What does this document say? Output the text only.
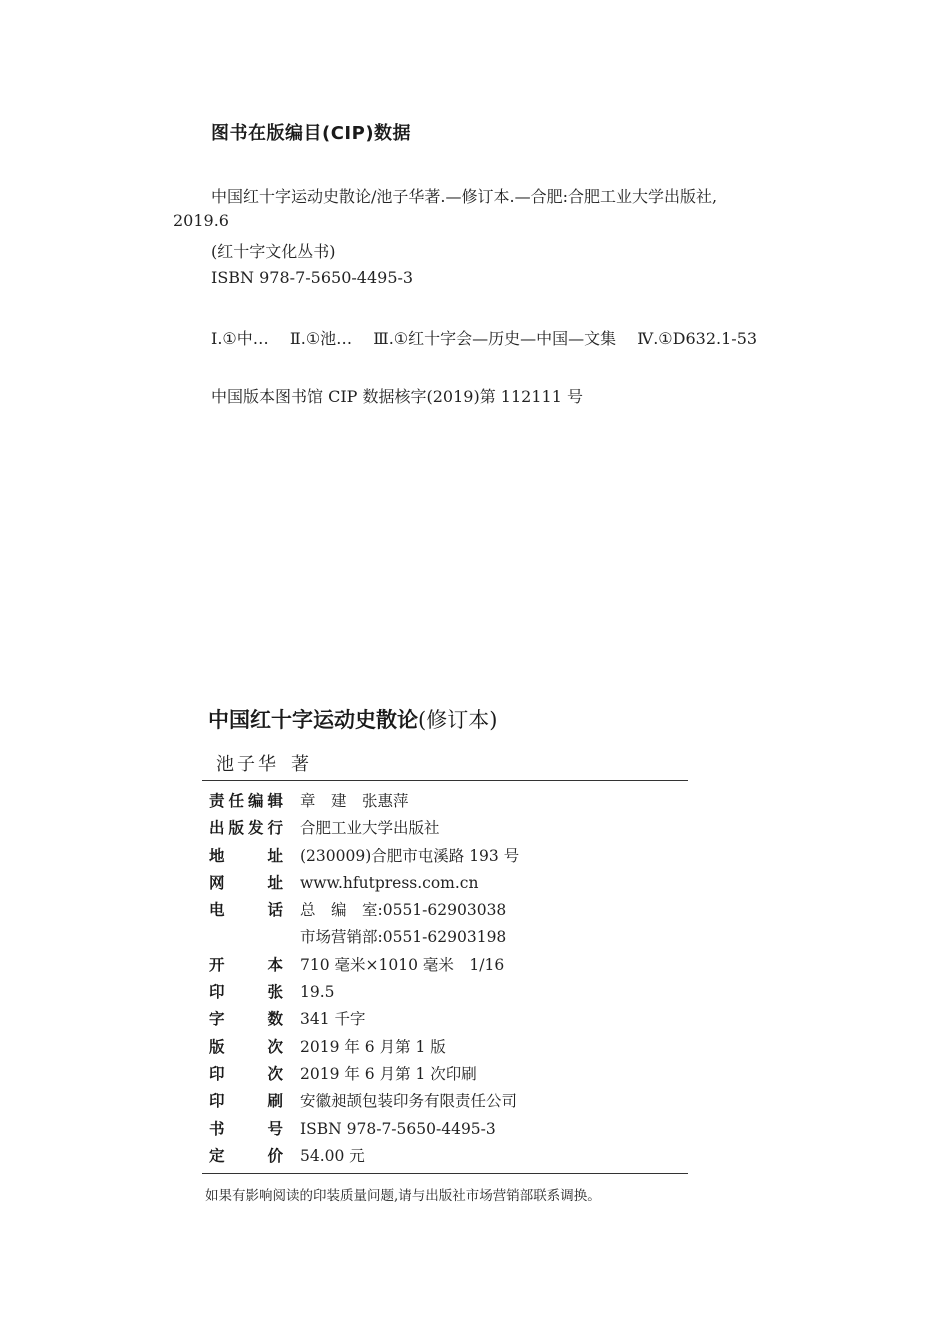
图书在版编目(CIP)数据
中国红十字运动史散论/池子华著.—修订本.—合肥:合肥工业大学出版社,
2019.6
(红十字文化丛书)
ISBN 978-7-5650-4495-3
Ⅰ.①中… Ⅱ.①池… Ⅲ.①红十字会—历史—中国—文集 Ⅳ.①D632.1-53
中国版本图书馆 CIP 数据核字(2019)第 112111 号
中国红十字运动史散论(修订本)
池子华 著
责任编辑 章　建　张惠萍
出版发行 合肥工业大学出版社
地　　址 (230009)合肥市屯溪路 193 号
网　　址 www.hfutpress.com.cn
电　　话 总　编　室:0551-62903038
市场营销部:0551-62903198
开　　本 710 毫米×1010 毫米　1/16
印　　张 19.5
字　　数 341 千字
版　　次 2019 年 6 月第 1 版
印　　次 2019 年 6 月第 1 次印刷
印　　刷 安徽昶颉包装印务有限责任公司
书　　号 ISBN 978-7-5650-4495-3
定　　价 54.00 元
如果有影响阅读的印装质量问题,请与出版社市场营销部联系调换。
